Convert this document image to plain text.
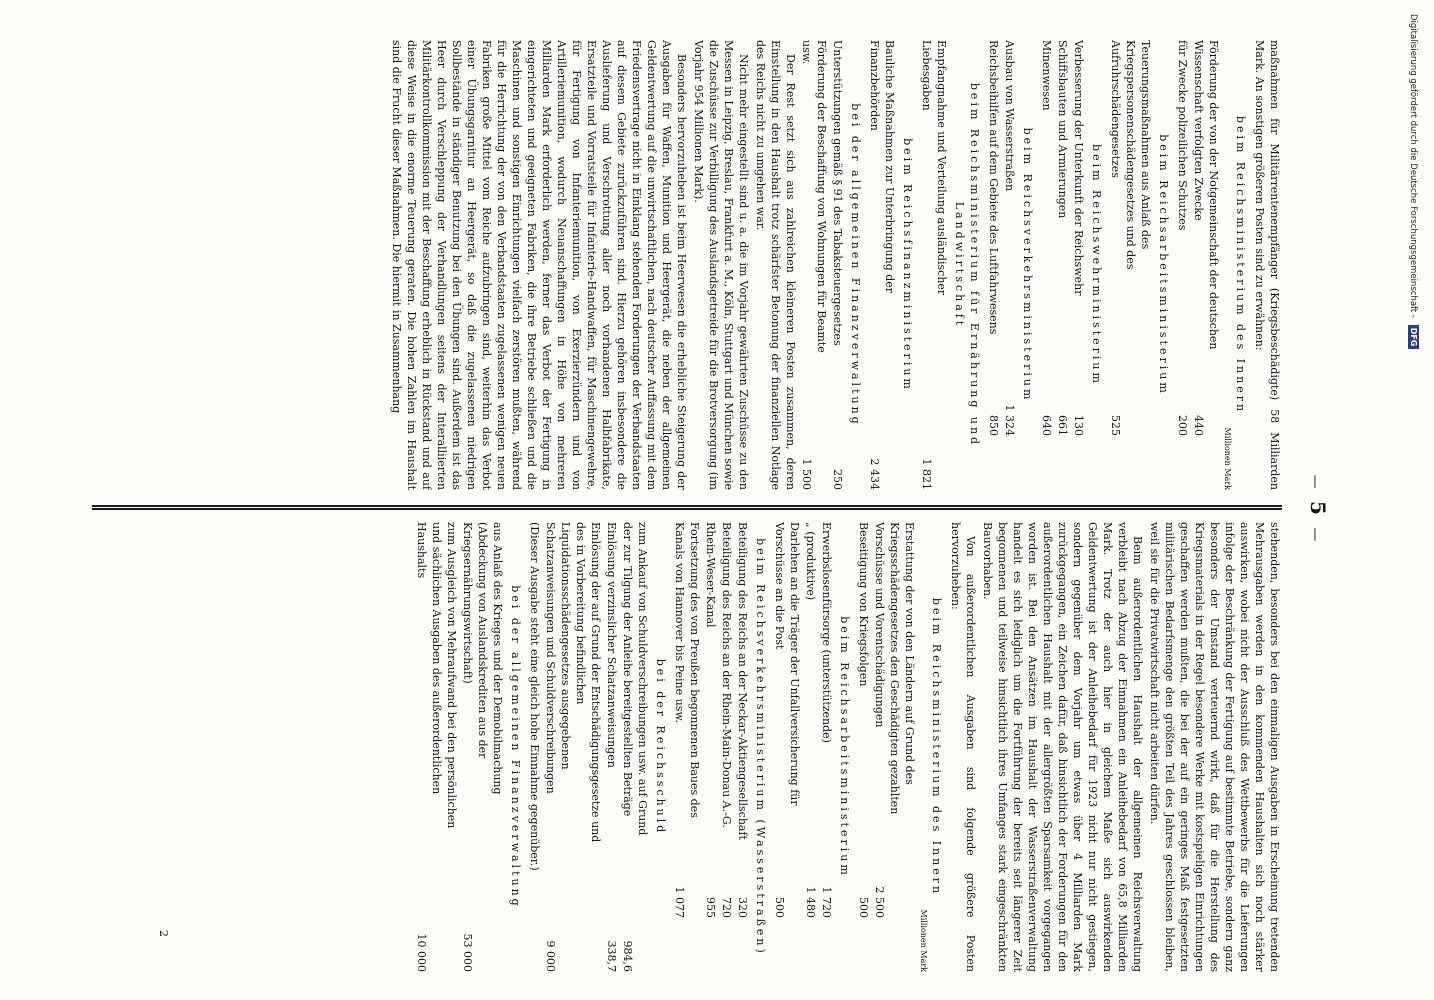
— 5 —

maßnahmen für Militärrentenempfänger (Kriegsbeschädigte) 58 Milliarden Mark. An sonstigen größeren Posten sind zu erwähnen:

beim Reichsministerium des Innern
Millionen Mark
Förderung der von der Notgemeinschaft der deutschen Wissenschaft verfolgten Zwecke
440
für Zwecke polizeilichen Schutzes
200
beim Reichsarbeitsministerium
Teuerungsmaßnahmen aus Anlaß des Kriegspersonenschädengesetzes und des Aufruhrschädengesetzes
525
beim Reichswehrministerium
Verbesserung der Unterkunft der Reichswehr
130
Schiffsbauten und Armierungen
661
Minenwesen
640
beim Reichsverkehrsministerium
Ausbau von Wasserstraßen
1 324
Reichsbeihilfen auf dem Gebiete des Luftfahrwesens
850
beim Reichsministerium für Ernährung und Landwirtschaft
Empfangnahme und Verteilung ausländischer Liebesgaben
1 821
beim Reichsfinanzministerium
Bauliche Maßnahmen zur Unterbringung der Finanzbehörden
2 434
bei der allgemeinen Finanzverwaltung
Unterstützungen gemäß § 91 des Tabaksteuergesetzes
250
Förderung der Beschaffung von Wohnungen für Beamte usw.
1 500

Der Rest setzt sich aus zahlreichen kleineren Posten zusammen, deren Einstellung in den Haushalt trotz schärfster Betonung der finanziellen Notlage des Reichs nicht zu umgehen war.

Nicht mehr eingestellt sind u. a. die im Vorjahr gewährten Zuschüsse zu den Messen in Leipzig, Breslau, Frankfurt a. M., Köln, Stuttgart und München sowie die Zuschüsse zur Verbilligung des Auslandsgetreide für die Brotversorgung (im Vorjahr 954 Millionen Mark).

Besonders hervorzuheben ist beim Heerwesen die erhebliche Steigerung der Ausgaben für Waffen, Munition und Heergerät, die neben der allgemeinen Geldentwertung auf die unwirtschaftlichen, nach deutscher Auffassung mit dem Friedensvertrage nicht in Einklang stehenden Forderungen der Verbandstaaten auf diesem Gebiete zurückzuführen sind. Hierzu gehören insbesondere die Auslieferung und Verschrottung aller noch vorhandenen Halbfabrikate, Ersatzteile und Vorratsteile für Infanterie-Handwaffen, für Maschinengewehre, für Fertigung von Infanteriemunition, von Exerzierzündern und von Artilleriemunition, wodurch Neuanschaffungen in Höhe von mehreren Milliarden Mark erforderlich werden, ferner das Verbot der Fertigung in eingerichteten und geeigneten Fabriken, die ihre Betriebe schließen und die Maschinen und sonstigen Einrichtungen vielfach zerstören mußten, während für die Herrichtung der von den Verbandstaaten zugelassenen wenigen neuen Fabriken große Mittel vom Reiche aufzubringen sind, weiterhin das Verbot einer Übungsgarnitur an Heergerät, so daß die zugelassenen niedrigen Sollbestände in ständiger Benutzung bei den Übungen sind. Außerdem ist das Heer durch Verschleppung der Verhandlungen seitens der Interalliierten Militärkontrollkommission mit der Beschaffung erheblich in Rückstand und auf diese Weise in die enorme Teuerung geraten. Die hohen Zahlen im Haushalt sind die Frucht dieser Maßnahmen. Die hiermit in Zusammenhang

stehenden, besonders bei den einmaligen Ausgaben in Erscheinung tretenden Mehrausgaben werden in den kommenden Haushalten sich noch stärker auswirken, wobei nicht der Ausschluß des Wettbewerbs für die Lieferungen infolge der Beschränkung der Fertigung auf bestimmte Betriebe, sondern ganz besonders der Umstand verteuernd wirkt, daß für die Herstellung des Kriegsmaterials in der Regel besondere Werke mit kostspieligen Einrichtungen geschaffen werden mußten, die bei der auf ein geringes Maß festgesetzten militärischen Bedarfsmenge den größten Teil des Jahres geschlossen bleiben, weil sie für die Privatwirtschaft nicht arbeiten dürfen.

Beim außerordentlichen Haushalt der allgemeinen Reichsverwaltung verbleibt nach Abzug der Einnahmen ein Anleihebedarf von 65,8 Milliarden Mark. Trotz der auch hier in gleichem Maße sich auswirkenden Geldentwertung ist der Anleihebedarf für 1923 nicht nur nicht gestiegen, sondern gegenüber dem Vorjahr um etwas über 4 Milliarden Mark zurückgegangen, ein Zeichen dafür, daß hinsichtlich der Forderungen für den außerordentlichen Haushalt mit der allergrößten Sparsamkeit vorgegangen worden ist. Bei den Ansätzen im Haushalt der Wasserstraßenverwaltung handelt es sich lediglich um die Fortführung der bereits seit längerer Zeit begonnenen und teilweise hinsichtlich ihres Umfanges stark eingeschränkten Bauvorhaben.

Von außerordentlichen Ausgaben sind folgende größere Posten hervorzuheben:

beim Reichsministerium des Innern
Millionen Mark
Erstattung der von den Ländern auf Grund des Kriegsschädengesetzes den Geschädigten gezahlten Vorschüsse und Vorentschädigungen
2 500
Beseitigung von Kriegsfolgen
500
beim Reichsarbeitsministerium
Erwerbslosenfürsorge (unterstützende)
1 720
„ (produktive)
1 480
Darlehen an die Träger der Unfallversicherung für Vorschüsse an die Post
500
beim Reichsverkehrsministerium (Wasserstraßen)
Beteiligung des Reichs an der Neckar-Aktiengesellschaft
320
Beteiligung des Reichs an der Rhein-Main-Donau A.-G.
720
Rhein-Weser-Kanal
955
Fortsetzung des von Preußen begonnenen Baues des Kanals von Hannover bis Peine usw.
1 077
bei der Reichsschuld
zum Ankauf von Schuldverschreibungen usw. auf Grund der zur Tilgung der Anleihe bereitgestellten Beträge
984,6
Einlösung verzinslicher Schatzanweisungen
338,7
Einlösung der auf Grund der Entschädigungsgesetze und des in Vorbereitung befindlichen Liquidationsschädengesetzes ausgegebenen Schatzanweisungen und Schuldverschreibungen
9 000

(Dieser Ausgabe steht eine gleich hohe Einnahme gegenüber.)

bei der allgemeinen Finanzverwaltung
aus Anlaß des Krieges und der Demobilmachung (Abdeckung von Auslandskrediten aus der Kriegsernährungswirtschaft)
53 000
zum Ausgleich von Mehraufwand bei den persönlichen und sächlichen Ausgaben des außerordentlichen Haushalts
10 000
2
Digitalisierung gefördert durch die Deutsche Forschungsgemeinschaft - DFG
